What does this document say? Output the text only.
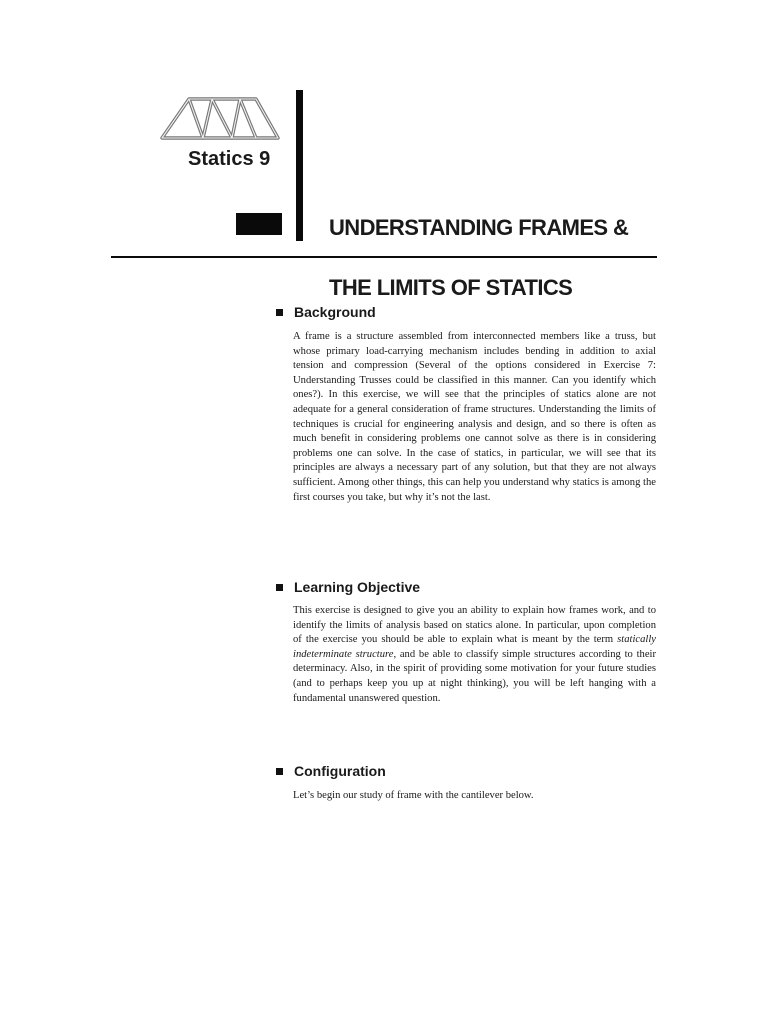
Statics 9

UNDERSTANDING FRAMES &

THE LIMITS OF STATICS

Background

A frame is a structure assembled from interconnected members like a truss, but whose primary load-carrying mechanism includes bending in addition to axial tension and compression (Several of the options considered in Exercise 7: Understanding Trusses could be classified in this manner. Can you identify which ones?). In this exercise, we will see that the principles of statics alone are not adequate for a general consideration of frame structures. Understanding the limits of techniques is crucial for engineering analysis and design, and so there is often as much benefit in considering problems one cannot solve as there is in considering problems one can solve. In the case of statics, in particular, we will see that its principles are always a necessary part of any solution, but that they are not always sufficient. Among other things, this can help you understand why statics is among the first courses you take, but why it’s not the last.

Learning Objective

This exercise is designed to give you an ability to explain how frames work, and to identify the limits of analysis based on statics alone. In particular, upon completion of the exercise you should be able to explain what is meant by the term statically indeterminate structure, and be able to classify simple structures according to their determinacy. Also, in the spirit of providing some motivation for your future studies (and to perhaps keep you up at night thinking), you will be left hanging with a fundamental unanswered question.

Configuration

Let’s begin our study of frame with the cantilever below.
